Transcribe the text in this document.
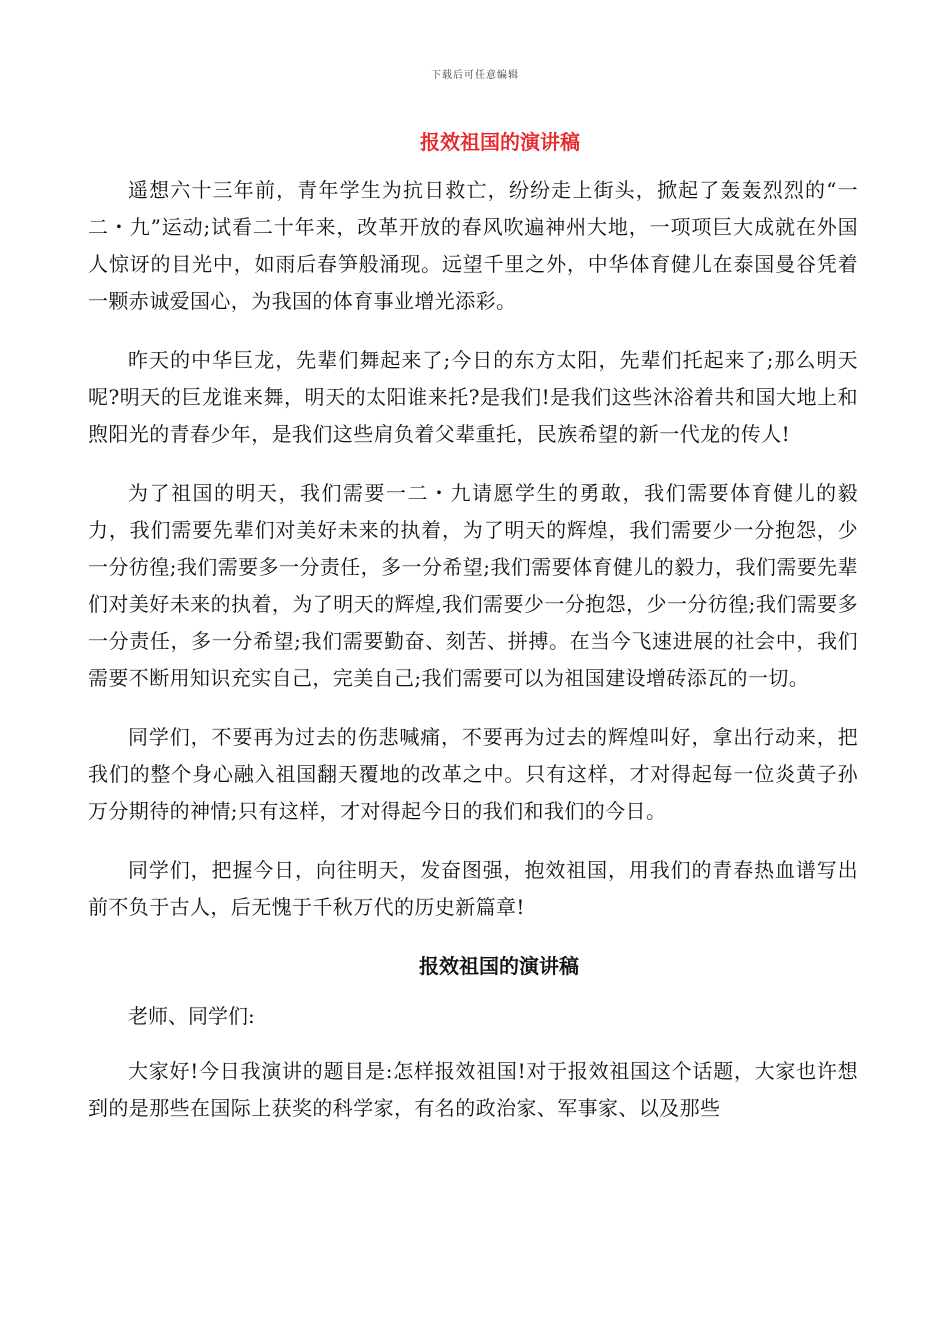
下载后可任意编辑
报效祖国的演讲稿

遥想六十三年前，青年学生为抗日救亡，纷纷走上街头，掀起了轰轰烈烈的“一二・九”运动;试看二十年来，改革开放的春风吹遍神州大地，一项项巨大成就在外国人惊讶的目光中，如雨后春笋般涌现。远望千里之外，中华体育健儿在泰国曼谷凭着一颗赤诚爱国心，为我国的体育事业增光添彩。

昨天的中华巨龙，先辈们舞起来了;今日的东方太阳，先辈们托起来了;那么明天呢?明天的巨龙谁来舞，明天的太阳谁来托?是我们!是我们这些沐浴着共和国大地上和煦阳光的青春少年，是我们这些肩负着父辈重托，民族希望的新一代龙的传人!

为了祖国的明天，我们需要一二・九请愿学生的勇敢，我们需要体育健儿的毅力，我们需要先辈们对美好未来的执着，为了明天的辉煌，我们需要少一分抱怨，少一分彷徨;我们需要多一分责任，多一分希望;我们需要体育健儿的毅力，我们需要先辈们对美好未来的执着，为了明天的辉煌,我们需要少一分抱怨，少一分彷徨;我们需要多一分责任，多一分希望;我们需要勤奋、刻苦、拼搏。在当今飞速进展的社会中，我们需要不断用知识充实自己，完美自己;我们需要可以为祖国建设增砖添瓦的一切。

同学们，不要再为过去的伤悲喊痛，不要再为过去的辉煌叫好，拿出行动来，把我们的整个身心融入祖国翻天覆地的改革之中。只有这样，才对得起每一位炎黄子孙万分期待的神情;只有这样，才对得起今日的我们和我们的今日。

同学们，把握今日，向往明天，发奋图强，抱效祖国，用我们的青春热血谱写出前不负于古人，后无愧于千秋万代的历史新篇章!

报效祖国的演讲稿

老师、同学们:

大家好!今日我演讲的题目是:怎样报效祖国!对于报效祖国这个话题，大家也许想到的是那些在国际上获奖的科学家，有名的政治家、军事家、以及那些
